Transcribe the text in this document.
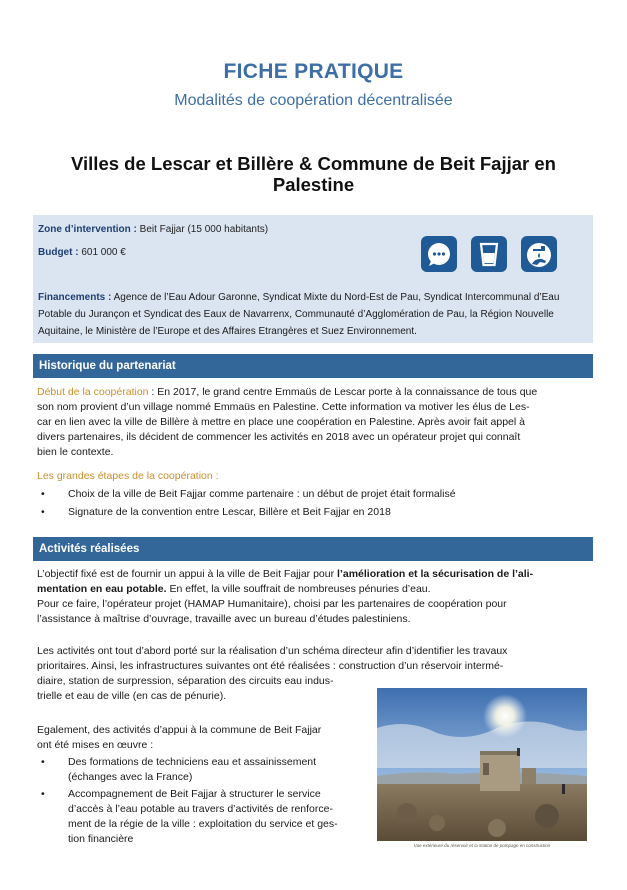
FICHE PRATIQUE
Modalités de coopération décentralisée
Villes de Lescar et Billère & Commune de Beit Fajjar en
Palestine
Zone d’intervention : Beit Fajjar (15 000 habitants)
Budget : 601 000 €
Financements : Agence de l’Eau Adour Garonne, Syndicat Mixte du Nord-Est de Pau, Syndicat Intercommunal d’Eau
Potable du Jurançon et Syndicat des Eaux de Navarrenx, Communauté d’Agglomération de Pau, la Région Nouvelle
Aquitaine, le Ministère de l’Europe et des Affaires Etrangères et Suez Environnement.
Historique du partenariat
Début de la coopération : En 2017, le grand centre Emmaüs de Lescar porte à la connaissance de tous que
son nom provient d’un village nommé Emmaüs en Palestine. Cette information va motiver les élus de Les-
car en lien avec la ville de Billère à mettre en place une coopération en Palestine. Après avoir fait appel à
divers partenaires, ils décident de commencer les activités en 2018 avec un opérateur projet qui connaît
bien le contexte.
Les grandes étapes de la coopération :
• Choix de la ville de Beit Fajjar comme partenaire : un début de projet était formalisé
• Signature de la convention entre Lescar, Billère et Beit Fajjar en 2018
Activités réalisées
L’objectif fixé est de fournir un appui à la ville de Beit Fajjar pour l’amélioration et la sécurisation de l’ali-
mentation en eau potable. En effet, la ville souffrait de nombreuses pénuries d’eau.
Pour ce faire, l’opérateur projet (HAMAP Humanitaire), choisi par les partenaires de coopération pour
l’assistance à maîtrise d’ouvrage, travaille avec un bureau d’études palestiniens.
Les activités ont tout d’abord porté sur la réalisation d’un schéma directeur afin d’identifier les travaux
prioritaires. Ainsi, les infrastructures suivantes ont été réalisées : construction d’un réservoir intermé-
diaire, station de surpression, séparation des circuits eau indus-
trielle et eau de ville (en cas de pénurie).
Egalement, des activités d’appui à la commune de Beit Fajjar
ont été mises en œuvre :
• Des formations de techniciens eau et assainissement
(échanges avec la France)
• Accompagnement de Beit Fajjar à structurer le service
d’accès à l’eau potable au travers d’activités de renforce-
ment de la régie de la ville : exploitation du service et ges-
tion financière
Vue extérieure du réservoir et la station de pompage en construction
